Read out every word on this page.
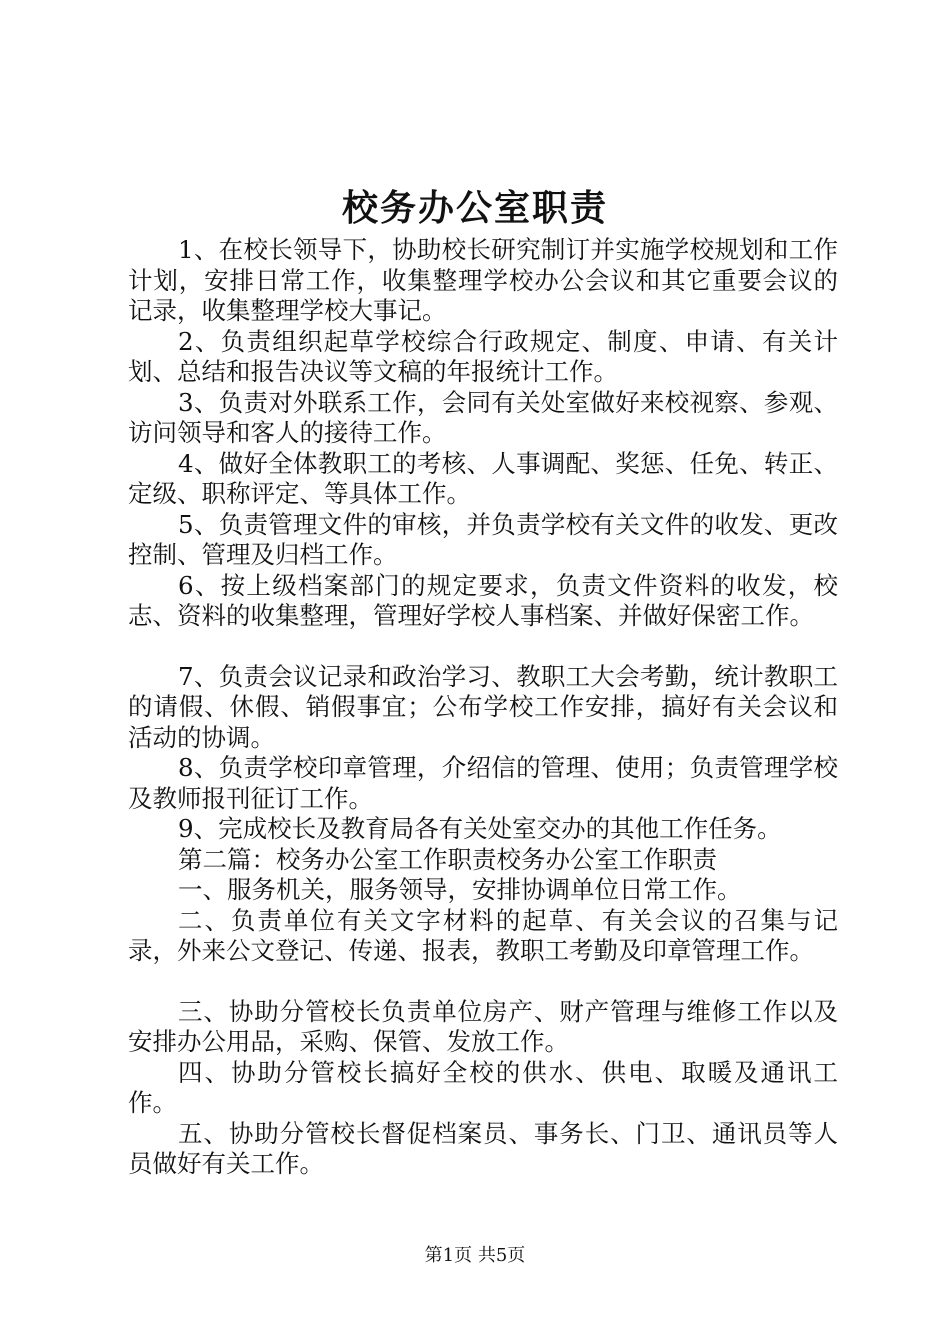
校务办公室职责

1、在校长领导下，协助校长研究制订并实施学校规划和工作计划，安排日常工作，收集整理学校办公会议和其它重要会议的记录，收集整理学校大事记。

2、负责组织起草学校综合行政规定、制度、申请、有关计划、总结和报告决议等文稿的年报统计工作。

3、负责对外联系工作，会同有关处室做好来校视察、参观、访问领导和客人的接待工作。

4、做好全体教职工的考核、人事调配、奖惩、任免、转正、定级、职称评定、等具体工作。

5、负责管理文件的审核，并负责学校有关文件的收发、更改控制、管理及归档工作。

6、按上级档案部门的规定要求，负责文件资料的收发，校志、资料的收集整理，管理好学校人事档案、并做好保密工作。

7、负责会议记录和政治学习、教职工大会考勤，统计教职工的请假、休假、销假事宜；公布学校工作安排，搞好有关会议和活动的协调。

8、负责学校印章管理，介绍信的管理、使用；负责管理学校及教师报刊征订工作。

9、完成校长及教育局各有关处室交办的其他工作任务。

第二篇：校务办公室工作职责校务办公室工作职责

一、服务机关，服务领导，安排协调单位日常工作。

二、负责单位有关文字材料的起草、有关会议的召集与记录，外来公文登记、传递、报表，教职工考勤及印章管理工作。

三、协助分管校长负责单位房产、财产管理与维修工作以及安排办公用品，采购、保管、发放工作。

四、协助分管校长搞好全校的供水、供电、取暖及通讯工作。

五、协助分管校长督促档案员、事务长、门卫、通讯员等人员做好有关工作。

第1页 共5页
